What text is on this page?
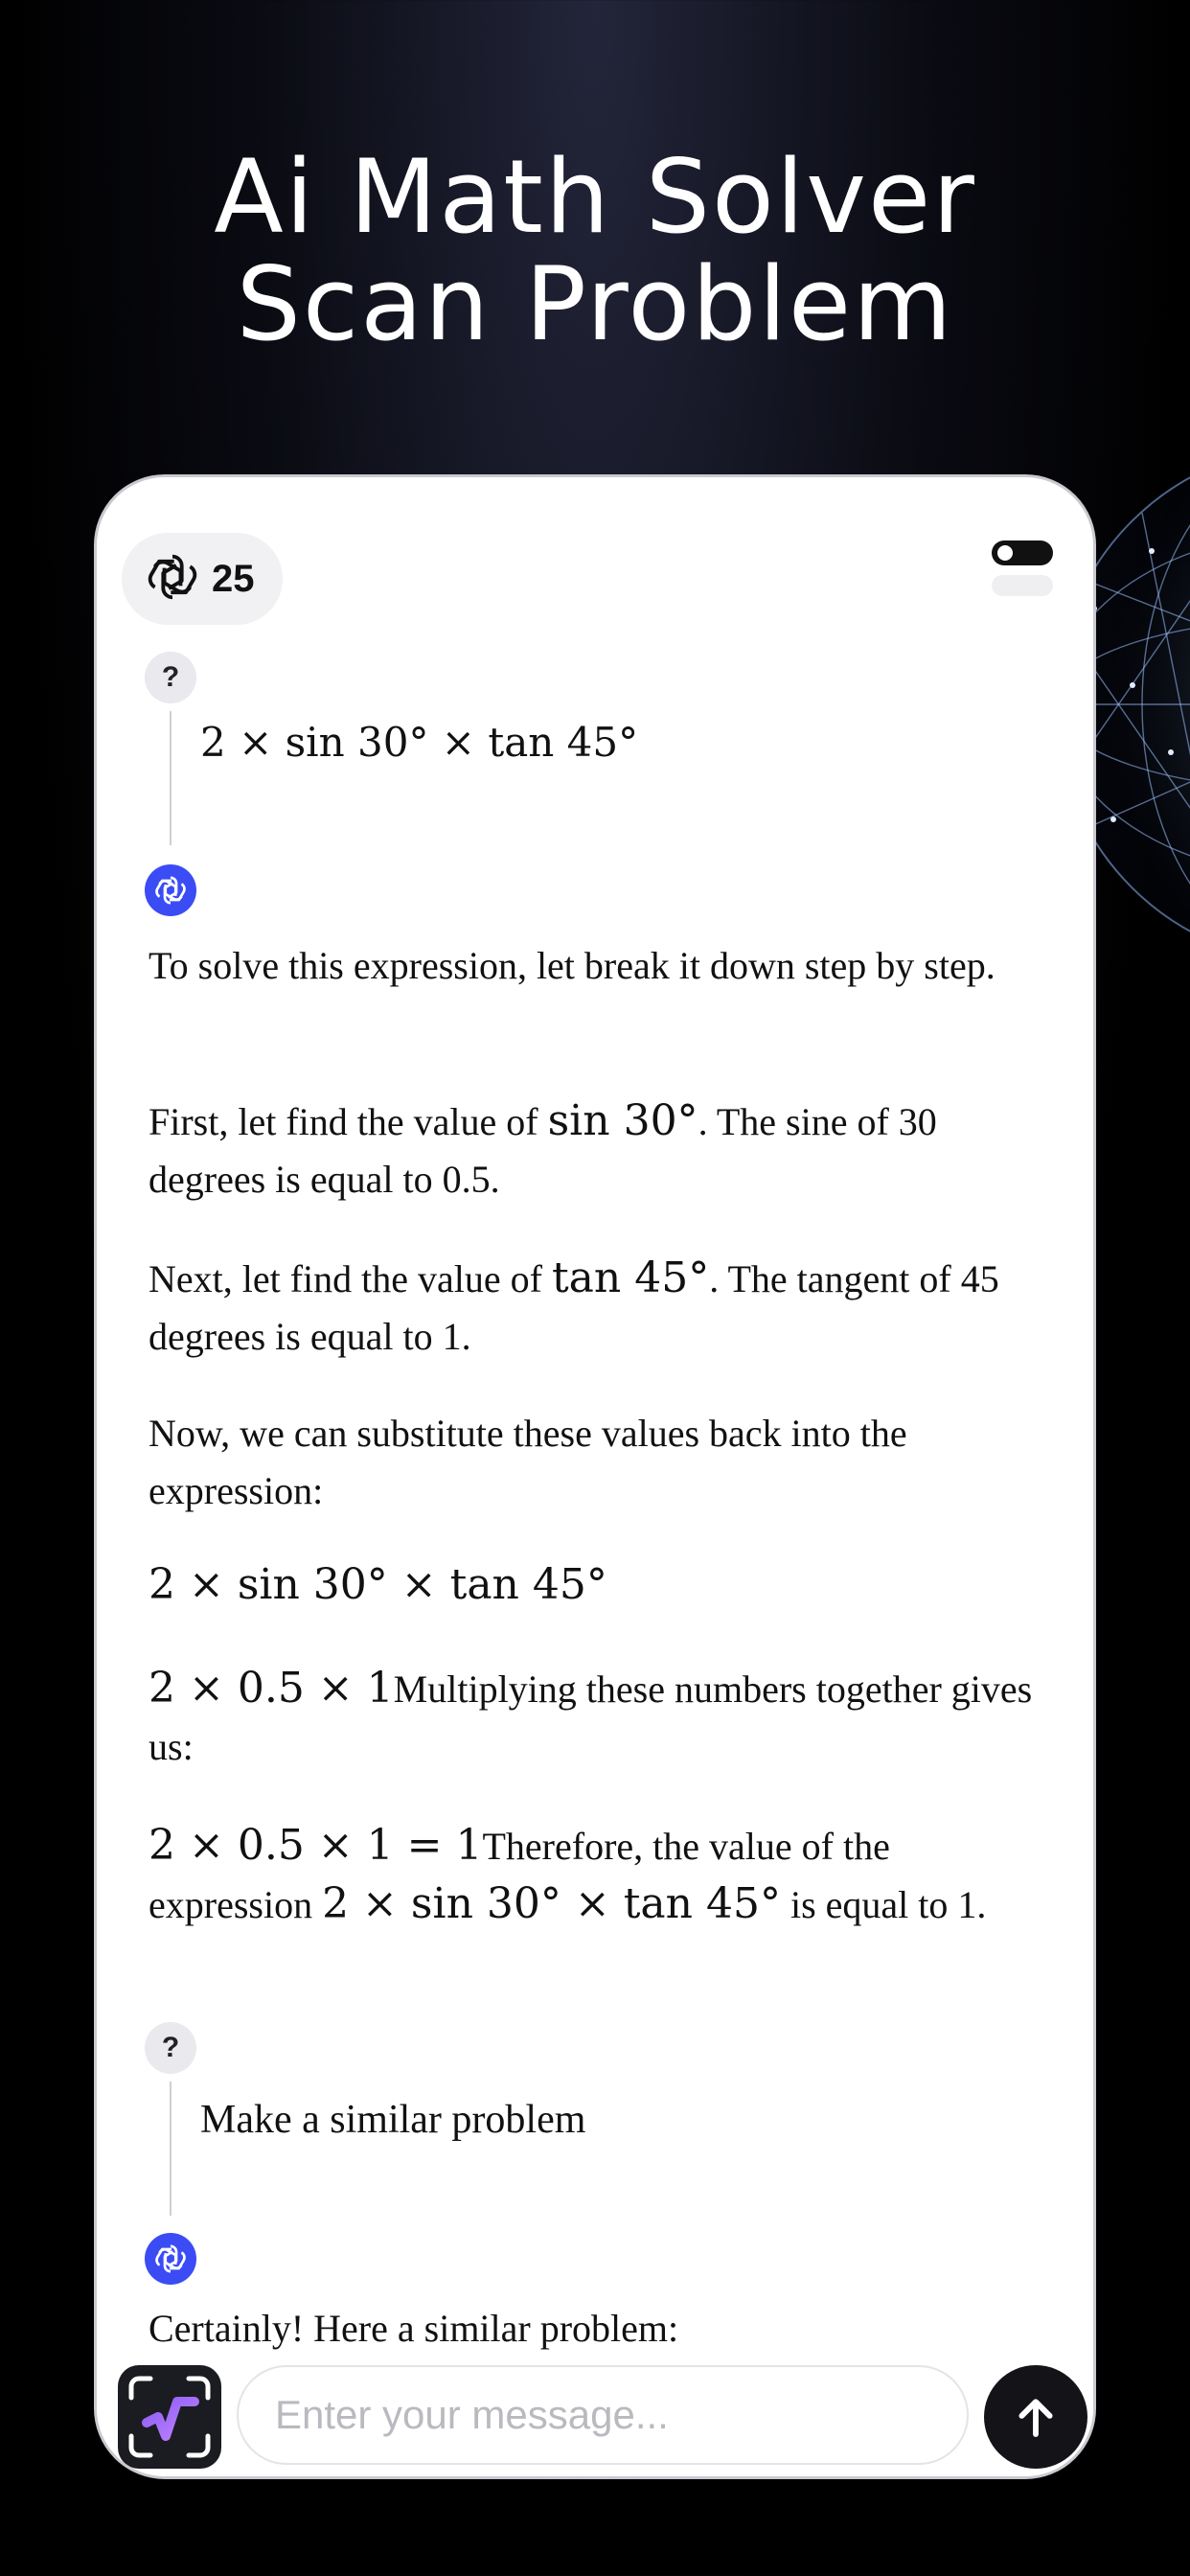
Ai Math Solver
Scan Problem
25
?
2 × sin 30° × tan 45°
To solve this expression, let break it down step by step.
First, let find the value of sin 30°. The sine of 30 degrees is equal to 0.5.
Next, let find the value of tan 45°. The tangent of 45 degrees is equal to 1.
Now, we can substitute these values back into the expression:
2 × sin 30° × tan 45°
2 × 0.5 × 1Multiplying these numbers together gives us:
2 × 0.5 × 1 = 1Therefore, the value of the expression 2 × sin 30° × tan 45° is equal to 1.
?
Make a similar problem
Certainly! Here a similar problem:
Enter your message...
